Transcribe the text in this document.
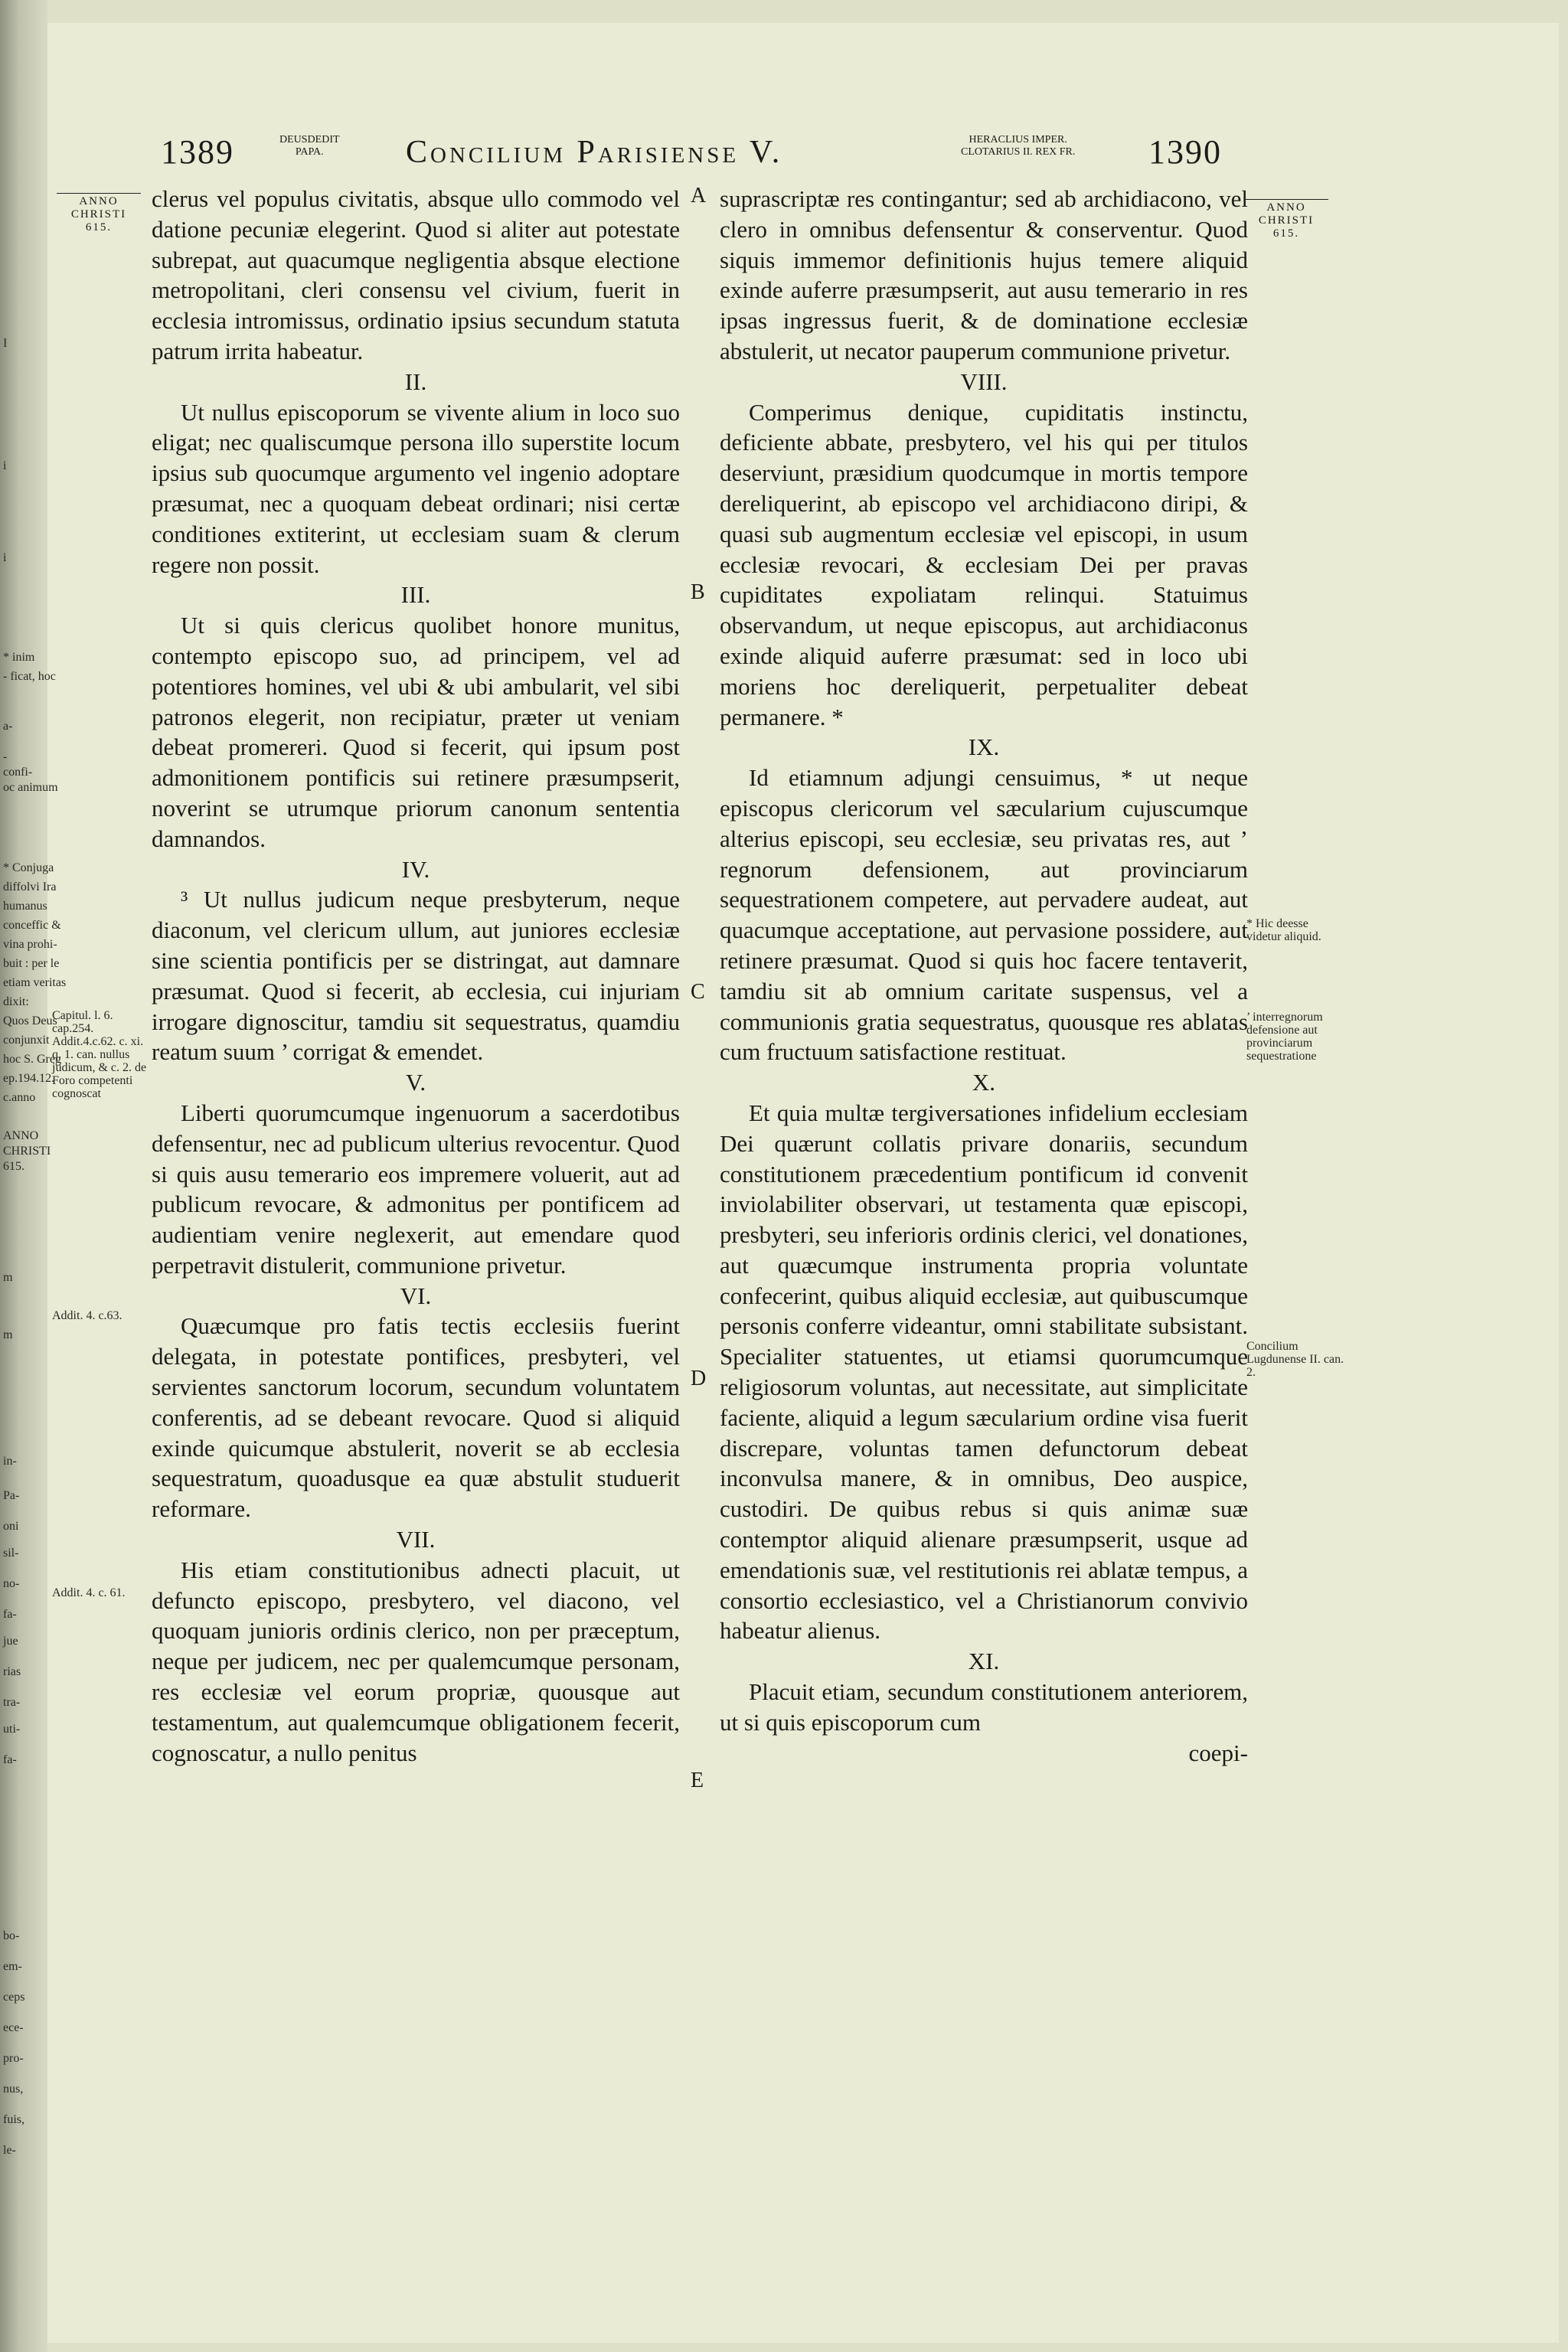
I
i
i
* inim
- ficat, hoc
a-
-
confi-
oc animum
* Conjuga
diffolvi Ira
humanus
conceffic &
vina prohi-
buit : per le
etiam veritas
dixit:
Quos Deus
conjunxit
hoc S. Greg
ep.194.12.
c.anno
ANNO
CHRISTI
615.
m
m
in-
Pa-
oni
sil-
no-
fa-
jue
rias
tra-
uti-
fa-
bo-
em-
ceps
ece-
pro-
nus,
fuis,
le-
1389	DEUSDEDIT
PAPA.	Concilium Parisiense V.	HERACLIUS IMPER.
CLOTARIUS II. REX FR. 1390
ANNO
CHRISTI
615.
ANNO
CHRISTI
615.
A
B
C
D
E

clerus vel populus civitatis, absque ullo commodo vel datione pecuniæ elegerint. Quod si aliter aut potestate subrepat, aut quacumque negligentia absque electione metropolitani, cleri consensu vel civium, fuerit in ecclesia intromissus, ordinatio ipsius secundum statuta patrum irrita habeatur.

II.

Ut nullus episcoporum se vivente alium in loco suo eligat; nec qualiscumque persona illo superstite locum ipsius sub quocumque argumento vel ingenio adoptare præsumat, nec a quoquam debeat ordinari; nisi certæ conditiones extiterint, ut ecclesiam suam & clerum regere non possit.

III.

Ut si quis clericus quolibet honore munitus, contempto episcopo suo, ad principem, vel ad potentiores homines, vel ubi & ubi ambularit, vel sibi patronos elegerit, non recipiatur, præter ut veniam debeat promereri. Quod si fecerit, qui ipsum post admonitionem pontificis sui retinere præsumpserit, noverint se utrumque priorum canonum sententia damnandos.

IV.

³ Ut nullus judicum neque presbyterum, neque diaconum, vel clericum ullum, aut juniores ecclesiæ sine scientia pontificis per se distringat, aut damnare præsumat. Quod si fecerit, ab ecclesia, cui injuriam irrogare dignoscitur, tamdiu sit sequestratus, quamdiu reatum suum ’ corrigat & emendet.

V.

Liberti quorumcumque ingenuorum a sacerdotibus defensentur, nec ad publicum ulterius revocentur. Quod si quis ausu temerario eos impremere voluerit, aut ad publicum revocare, & admonitus per pontificem ad audientiam venire neglexerit, aut emendare quod perpetravit distulerit, communione privetur.

VI.

Quæcumque pro fatis tectis ecclesiis fuerint delegata, in potestate pontifices, presbyteri, vel servientes sanctorum locorum, secundum voluntatem conferentis, ad se debeant revocare. Quod si aliquid exinde quicumque abstulerit, noverit se ab ecclesia sequestratum, quoadusque ea quæ abstulit studuerit reformare.

VII.

His etiam constitutionibus adnecti placuit, ut defuncto episcopo, presbytero, vel diacono, vel quoquam junioris ordinis clerico, non per præceptum, neque per judicem, nec per qualemcumque personam, res ecclesiæ vel eorum propriæ, quousque aut testamentum, aut qualemcumque obligationem fecerit, cognoscatur, a nullo penitus

suprascriptæ res contingantur; sed ab archidiacono, vel clero in omnibus defensentur & conserventur. Quod siquis immemor definitionis hujus temere aliquid exinde auferre præsumpserit, aut ausu temerario in res ipsas ingressus fuerit, & de dominatione ecclesiæ abstulerit, ut necator pauperum communione privetur.

VIII.

Comperimus denique, cupiditatis instinctu, deficiente abbate, presbytero, vel his qui per titulos deserviunt, præsidium quodcumque in mortis tempore dereliquerint, ab episcopo vel archidiacono diripi, & quasi sub augmentum ecclesiæ vel episcopi, in usum ecclesiæ revocari, & ecclesiam Dei per pravas cupiditates expoliatam relinqui. Statuimus observandum, ut neque episcopus, aut archidiaconus exinde aliquid auferre præsumat: sed in loco ubi moriens hoc dereliquerit, perpetualiter debeat permanere. *

IX.

Id etiamnum adjungi censuimus, * ut neque episcopus clericorum vel sæcularium cujuscumque alterius episcopi, seu ecclesiæ, seu privatas res, aut ’ regnorum defensionem, aut provinciarum sequestrationem competere, aut pervadere audeat, aut quacumque acceptatione, aut pervasione possidere, aut retinere præsumat. Quod si quis hoc facere tentaverit, tamdiu sit ab omnium caritate suspensus, vel a communionis gratia sequestratus, quousque res ablatas cum fructuum satisfactione restituat.

X.

Et quia multæ tergiversationes infidelium ecclesiam Dei quærunt collatis privare donariis, secundum constitutionem præcedentium pontificum id convenit inviolabiliter observari, ut testamenta quæ episcopi, presbyteri, seu inferioris ordinis clerici, vel donationes, aut quæcumque instrumenta propria voluntate confecerint, quibus aliquid ecclesiæ, aut quibuscumque personis conferre videantur, omni stabilitate subsistant. Specialiter statuentes, ut etiamsi quorumcumque religiosorum voluntas, aut necessitate, aut simplicitate faciente, aliquid a legum sæcularium ordine visa fuerit discrepare, voluntas tamen defunctorum debeat inconvulsa manere, & in omnibus, Deo auspice, custodiri. De quibus rebus si quis animæ suæ contemptor aliquid alienare præsumpserit, usque ad emendationis suæ, vel restitutionis rei ablatæ tempus, a consortio ecclesiastico, vel a Christianorum convivio habeatur alienus.

XI.

Placuit etiam, secundum constitutionem anteriorem, ut si quis episcoporum cum

coepi-

Capitul. l. 6. cap.254. Addit.4.c.62. c. xi. q. 1. can. nullus judicum, & c. 2. de Foro competenti cognoscat
Addit. 4. c.63.
Addit. 4. c. 61.
* Hic deesse videtur aliquid.
’ interregnorum defensione aut provinciarum sequestratione
Concilium Lugdunense II. can. 2.
